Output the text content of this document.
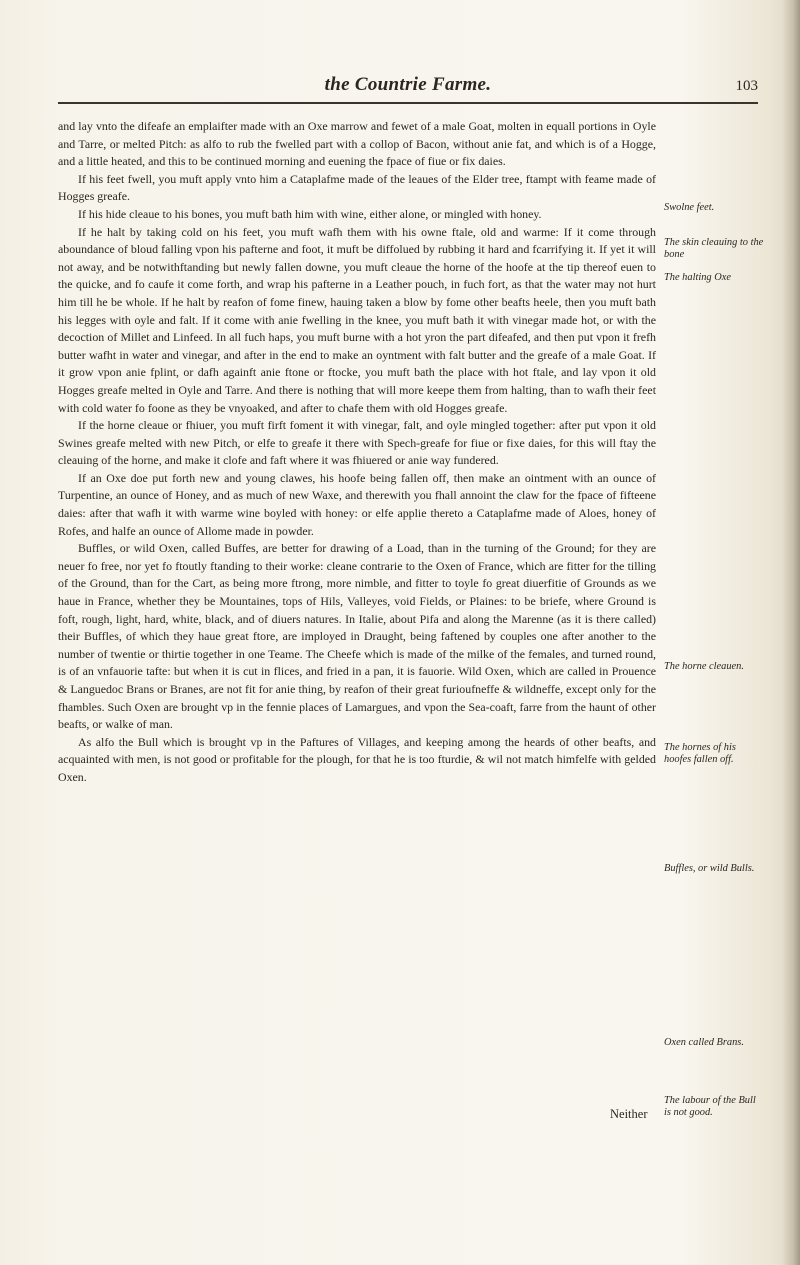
the Countrie Farme.	103

and lay vnto the difeafe an emplaifter made with an Oxe marrow and fewet of a male Goat, molten in equall portions in Oyle and Tarre, or melted Pitch: as alfo to rub the fwelled part with a collop of Bacon, without anie fat, and which is of a Hogge, and a little heated, and this to be continued morning and euening the fpace of fiue or fix daies.

If his feet fwell, you muft apply vnto him a Cataplafme made of the leaues of the Elder tree, ftampt with feame made of Hogges greafe.

If his hide cleaue to his bones, you muft bath him with wine, either alone, or mingled with honey.

If he halt by taking cold on his feet, you muft wafh them with his owne ftale, old and warme: If it come through aboundance of bloud falling vpon his pafterne and foot, it muft be diffolued by rubbing it hard and fcarrifying it. If yet it will not away, and be notwithftanding but newly fallen downe, you muft cleaue the horne of the hoofe at the tip thereof euen to the quicke, and fo caufe it come forth, and wrap his pafterne in a Leather pouch, in fuch fort, as that the water may not hurt him till he be whole. If he halt by reafon of fome finew, hauing taken a blow by fome other beafts heele, then you muft bath his legges with oyle and falt. If it come with anie fwelling in the knee, you muft bath it with vinegar made hot, or with the decoction of Millet and Linfeed. In all fuch haps, you muft burne with a hot yron the part difeafed, and then put vpon it frefh butter wafht in water and vinegar, and after in the end to make an oyntment with falt butter and the greafe of a male Goat. If it grow vpon anie fplint, or dafh againft anie ftone or ftocke, you muft bath the place with hot ftale, and lay vpon it old Hogges greafe melted in Oyle and Tarre. And there is nothing that will more keepe them from halting, than to wafh their feet with cold water fo foone as they be vnyoaked, and after to chafe them with old Hogges greafe.

If the horne cleaue or fhiuer, you muft firft foment it with vinegar, falt, and oyle mingled together: after put vpon it old Swines greafe melted with new Pitch, or elfe to greafe it there with Spech-greafe for fiue or fixe daies, for this will ftay the cleauing of the horne, and make it clofe and faft where it was fhiuered or anie way fundered.

If an Oxe doe put forth new and young clawes, his hoofe being fallen off, then make an ointment with an ounce of Turpentine, an ounce of Honey, and as much of new Waxe, and therewith you fhall annoint the claw for the fpace of fifteene daies: after that wafh it with warme wine boyled with honey: or elfe applie thereto a Cataplafme made of Aloes, honey of Rofes, and halfe an ounce of Allome made in powder.

Buffles, or wild Oxen, called Buffes, are better for drawing of a Load, than in the turning of the Ground; for they are neuer fo free, nor yet fo ftoutly ftanding to their worke: cleane contrarie to the Oxen of France, which are fitter for the tilling of the Ground, than for the Cart, as being more ftrong, more nimble, and fitter to toyle fo great diuerfitie of Grounds as we haue in France, whether they be Mountaines, tops of Hils, Valleyes, void Fields, or Plaines: to be briefe, where Ground is foft, rough, light, hard, white, black, and of diuers natures. In Italie, about Pifa and along the Marenne (as it is there called) their Buffles, of which they haue great ftore, are imployed in Draught, being faftened by couples one after another to the number of twentie or thirtie together in one Teame. The Cheefe which is made of the milke of the females, and turned round, is of an vnfauorie tafte: but when it is cut in flices, and fried in a pan, it is fauorie. Wild Oxen, which are called in Prouence & Languedoc Brans or Branes, are not fit for anie thing, by reafon of their great furioufneffe & wildneffe, except only for the fhambles. Such Oxen are brought vp in the fennie places of Lamargues, and vpon the Sea-coaft, farre from the haunt of other beafts, or walke of man.

As alfo the Bull which is brought vp in the Paftures of Villages, and keeping among the heards of other beafts, and acquainted with men, is not good or profitable for the plough, for that he is too fturdie, & wil not match himfelfe with gelded Oxen.

Swolne feet.
The skin cleauing to the bone
The halting Oxe
The horne cleauen.
The hornes of his hoofes fallen off.
Buffles, or wild Bulls.
Oxen called Brans.
The labour of the Bull is not good.
Neither
